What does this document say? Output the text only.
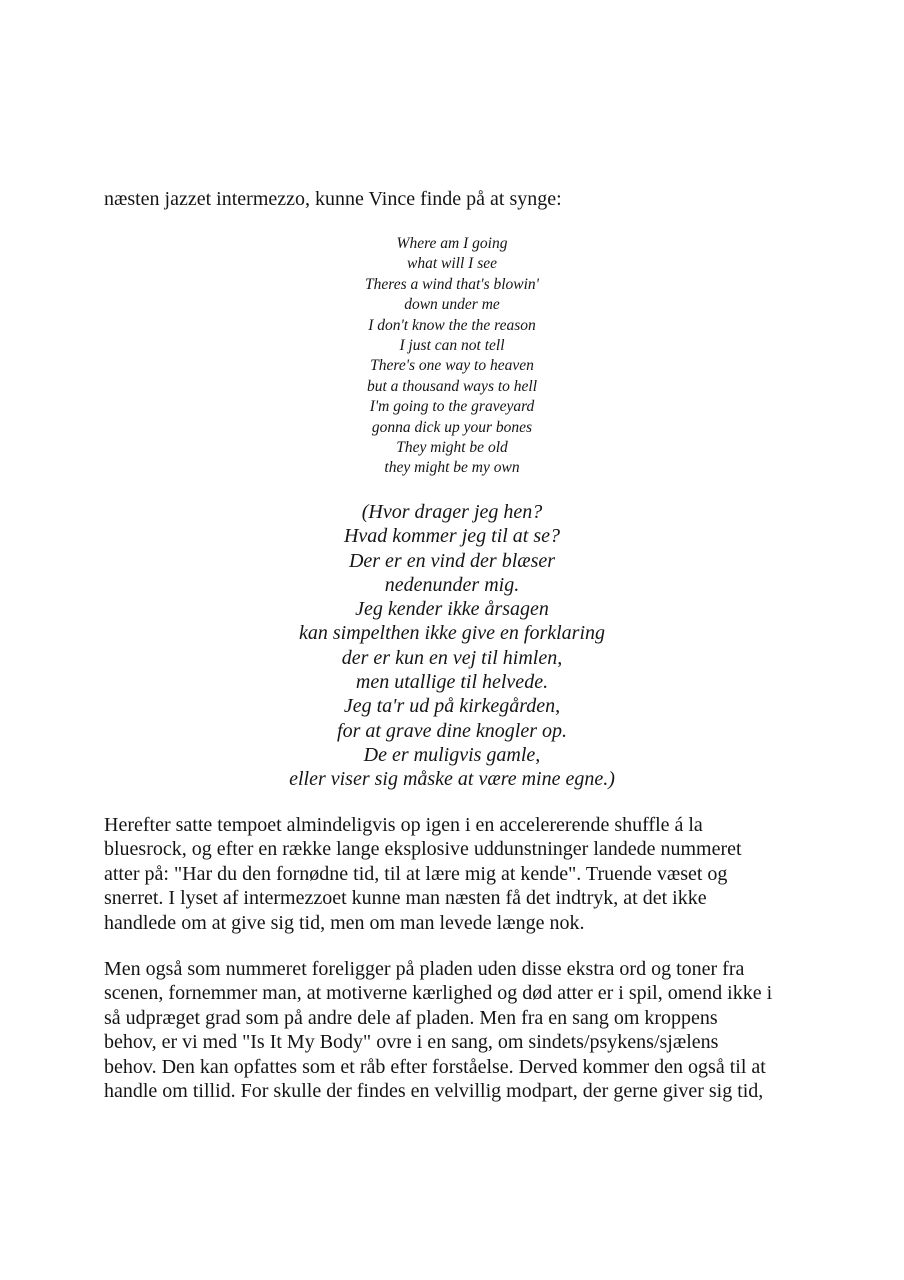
næsten jazzet intermezzo, kunne Vince finde på at synge:
Where am I going
what will I see
Theres a wind that's blowin'
down under me
I don't know the the reason
I just can not tell
There's one way to heaven
but a thousand ways to hell
I'm going to the graveyard
gonna dick up your bones
They might be old
they might be my own
(Hvor drager jeg hen?
Hvad kommer jeg til at se?
Der er en vind der blæser
nedenunder mig.
Jeg kender ikke årsagen
kan simpelthen ikke give en forklaring
der er kun en vej til himlen,
men utallige til helvede.
Jeg ta'r ud på kirkegården,
for at grave dine knogler op.
De er muligvis gamle,
eller viser sig måske at være mine egne.)
Herefter satte tempoet almindeligvis op igen i en accelererende shuffle á la
bluesrock, og efter en række lange eksplosive uddunstninger landede nummeret
atter på: "Har du den fornødne tid, til at lære mig at kende". Truende væset og
snerret. I lyset af intermezzoet kunne man næsten få det indtryk, at det ikke
handlede om at give sig tid, men om man levede længe nok.
Men også som nummeret foreligger på pladen uden disse ekstra ord og toner fra
scenen, fornemmer man, at motiverne kærlighed og død atter er i spil, omend ikke i
så udpræget grad som på andre dele af pladen. Men fra en sang om kroppens
behov, er vi med "Is It My Body" ovre i en sang, om sindets/psykens/sjælens
behov. Den kan opfattes som et råb efter forståelse. Derved kommer den også til at
handle om tillid. For skulle der findes en velvillig modpart, der gerne giver sig tid,
